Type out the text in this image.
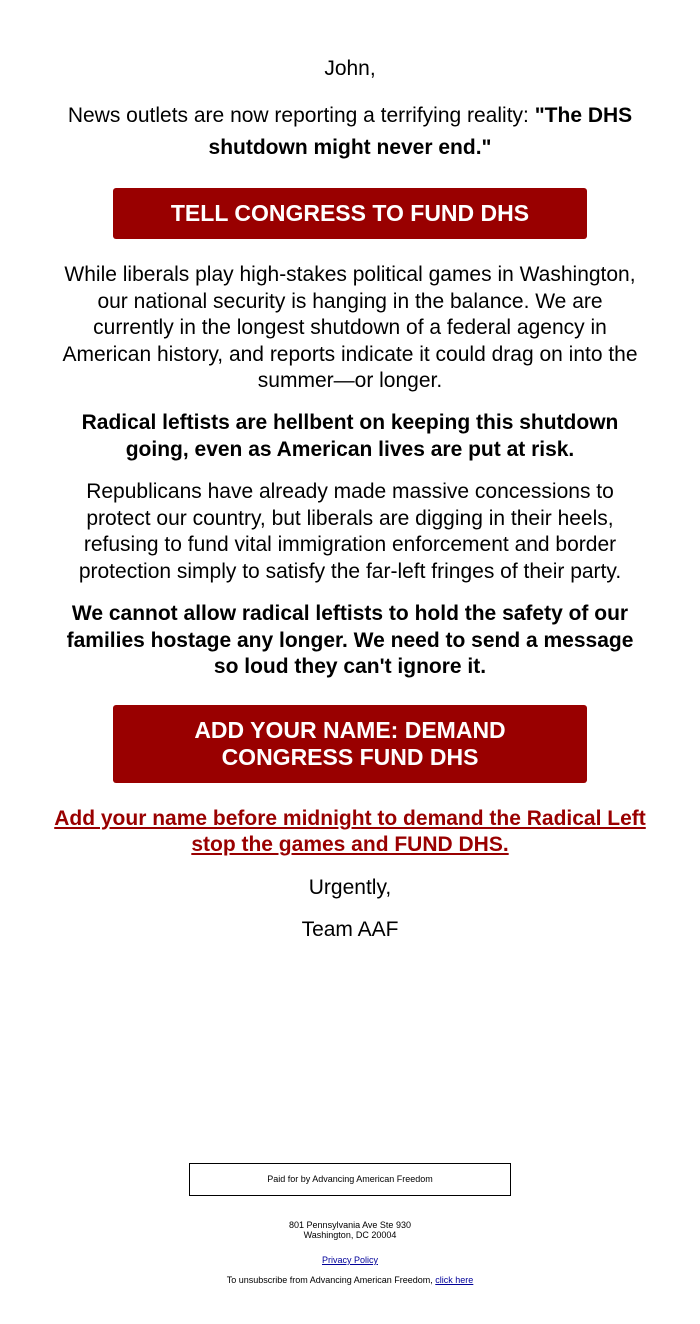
John,
News outlets are now reporting a terrifying reality: "The DHS shutdown might never end."
TELL CONGRESS TO FUND DHS
While liberals play high-stakes political games in Washington, our national security is hanging in the balance. We are currently in the longest shutdown of a federal agency in American history, and reports indicate it could drag on into the summer—or longer.
Radical leftists are hellbent on keeping this shutdown going, even as American lives are put at risk.
Republicans have already made massive concessions to protect our country, but liberals are digging in their heels, refusing to fund vital immigration enforcement and border protection simply to satisfy the far-left fringes of their party.
We cannot allow radical leftists to hold the safety of our families hostage any longer. We need to send a message so loud they can't ignore it.
ADD YOUR NAME: DEMAND
CONGRESS FUND DHS
Add your name before midnight to demand the Radical Left stop the games and FUND DHS.
Urgently,
Team AAF
Paid for by Advancing American Freedom
801 Pennsylvania Ave Ste 930
Washington, DC 20004
Privacy Policy
To unsubscribe from Advancing American Freedom, click here
